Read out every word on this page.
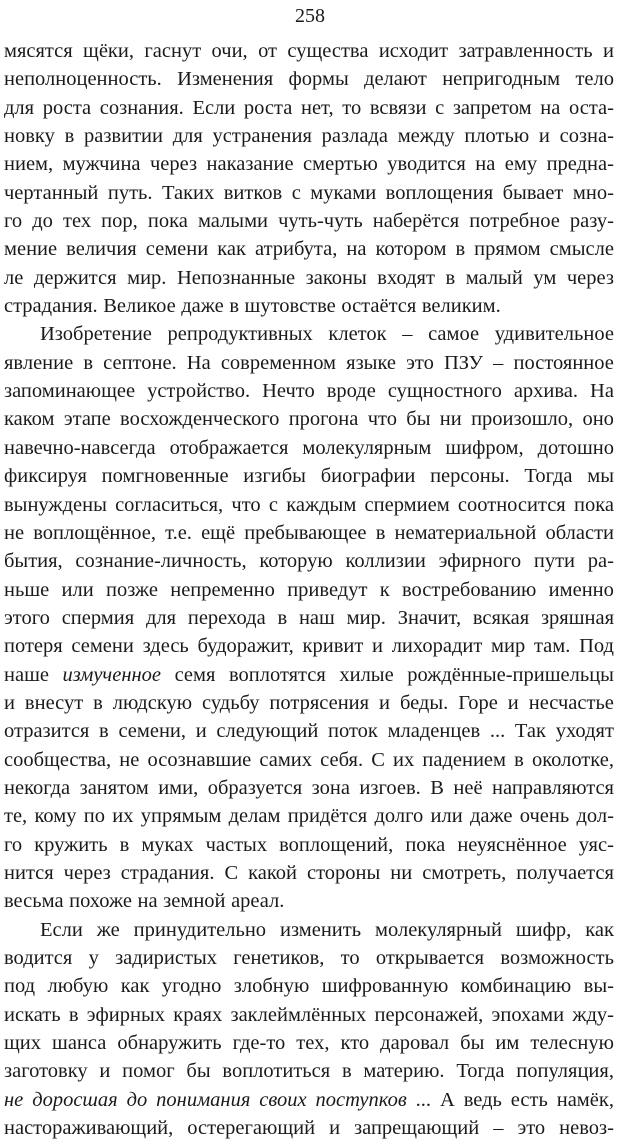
258
мясятся щёки, гаснут очи, от существа исходит затравленность и
неполноценность. Изменения формы делают непригодным тело
для роста сознания. Если роста нет, то всвязи с запретом на оста-
новку в развитии для устранения разлада между плотью и созна-
нием, мужчина через наказание смертью уводится на ему предна-
чертанный путь. Таких витков с муками воплощения бывает мно-
го до тех пор, пока малыми чуть-чуть наберётся потребное разу-
мение величия семени как атрибута, на котором в прямом смысле
ле держится мир. Непознанные законы входят в малый ум через
страдания. Великое даже в шутовстве остаётся великим.
Изобретение репродуктивных клеток – самое удивительное
явление в септоне. На современном языке это ПЗУ – постоянное
запоминающее устройство. Нечто вроде сущностного архива. На
каком этапе восхожденческого прогона что бы ни произошло, оно
навечно-навсегда отображается молекулярным шифром, дотошно
фиксируя помгновенные изгибы биографии персоны. Тогда мы
вынуждены согласиться, что с каждым спермием соотносится пока
не воплощённое, т.е. ещё пребывающее в нематериальной области
бытия, сознание-личность, которую коллизии эфирного пути ра-
ньше или позже непременно приведут к востребованию именно
этого спермия для перехода в наш мир. Значит, всякая зряшная
потеря семени здесь будоражит, кривит и лихорадит мир там. Под
наше измученное семя воплотятся хилые рождённые-пришельцы
и внесут в людскую судьбу потрясения и беды. Горе и несчастье
отразится в семени, и следующий поток младенцев ... Так уходят
сообщества, не осознавшие самих себя. С их падением в околотке,
некогда занятом ими, образуется зона изгоев. В неё направляются
те, кому по их упрямым делам придётся долго или даже очень дол-
го кружить в муках частых воплощений, пока неуяснённое уяс-
нится через страдания. С какой стороны ни смотреть, получается
весьма похоже на земной ареал.
Если же принудительно изменить молекулярный шифр, как
водится у задиристых генетиков, то открывается возможность
под любую как угодно злобную шифрованную комбинацию вы-
искать в эфирных краях заклеймлённых персонажей, эпохами жду-
щих шанса обнаружить где-то тех, кто даровал бы им телесную
заготовку и помог бы воплотиться в материю. Тогда популяция,
не доросшая до понимания своих поступков ... А ведь есть намёк,
настораживающий, остерегающий и запрещающий – это невоз-
